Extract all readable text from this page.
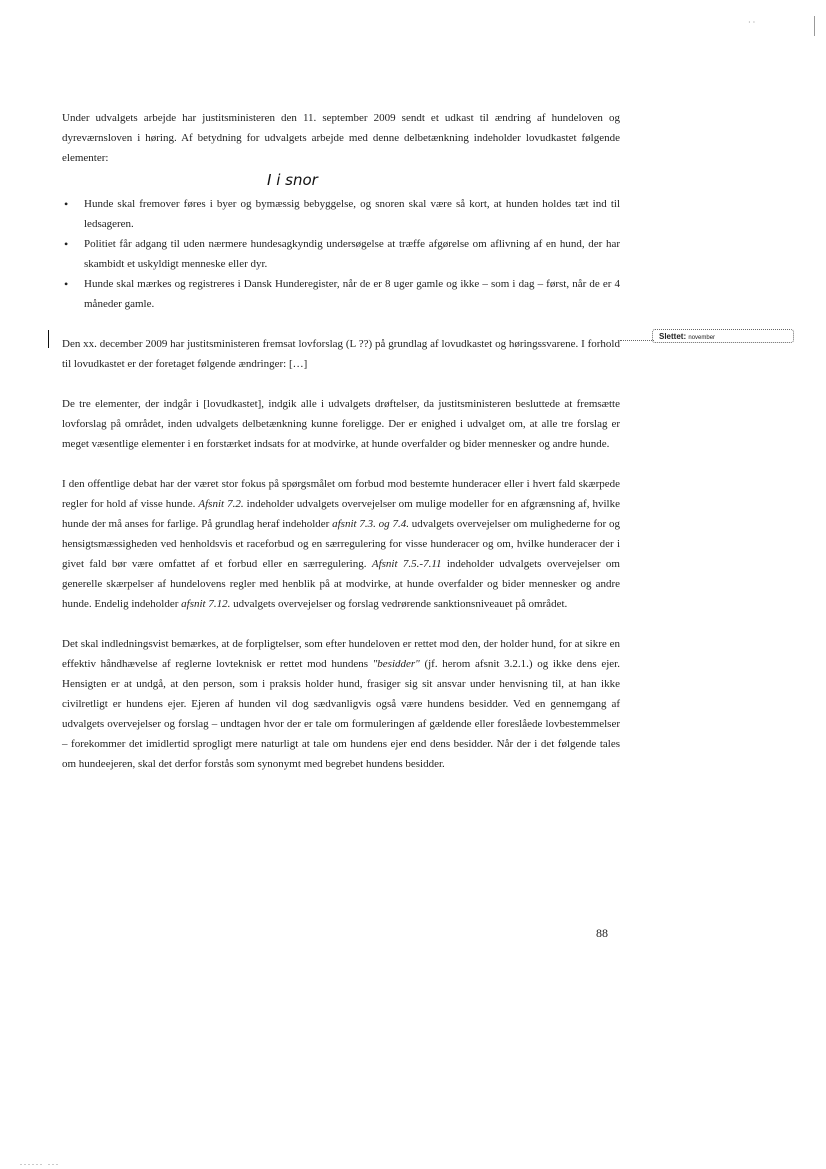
· ·
Slettet: november

Under udvalgets arbejde har justitsministeren den 11. september 2009 sendt et udkast til ændring af hundeloven og dyreværnsloven i høring. Af betydning for udvalgets arbejde med denne delbetænkning indeholder lovudkastet følgende elementer:

I i snor
• Hunde skal fremover føres i byer og bymæssig bebyggelse, og snoren skal være så kort, at hunden holdes tæt ind til ledsageren.
• Politiet får adgang til uden nærmere hundesagkyndig undersøgelse at træffe afgørelse om aflivning af en hund, der har skambidt et uskyldigt menneske eller dyr.
• Hunde skal mærkes og registreres i Dansk Hunderegister, når de er 8 uger gamle og ikke – som i dag – først, når de er 4 måneder gamle.

Den xx. december 2009 har justitsministeren fremsat lovforslag (L ??) på grundlag af lovudkastet og høringssvarene. I forhold til lovudkastet er der foretaget følgende ændringer: […]

De tre elementer, der indgår i [lovudkastet], indgik alle i udvalgets drøftelser, da justitsministeren besluttede at fremsætte lovforslag på området, inden udvalgets delbetænkning kunne foreligge. Der er enighed i udvalget om, at alle tre forslag er meget væsentlige elementer i en forstærket indsats for at modvirke, at hunde overfalder og bider mennesker og andre hunde.

I den offentlige debat har der været stor fokus på spørgsmålet om forbud mod bestemte hunderacer eller i hvert fald skærpede regler for hold af visse hunde. Afsnit 7.2. indeholder udvalgets overvejelser om mulige modeller for en afgrænsning af, hvilke hunde der må anses for farlige. På grundlag heraf indeholder afsnit 7.3. og 7.4. udvalgets overvejelser om mulighederne for og hensigtsmæssigheden ved henholdsvis et raceforbud og en særregulering for visse hunderacer og om, hvilke hunderacer der i givet fald bør være omfattet af et forbud eller en særregulering. Afsnit 7.5.-7.11 indeholder udvalgets overvejelser om generelle skærpelser af hundelovens regler med henblik på at modvirke, at hunde overfalder og bider mennesker og andre hunde. Endelig indeholder afsnit 7.12. udvalgets overvejelser og forslag vedrørende sanktionsniveauet på området.

Det skal indledningsvist bemærkes, at de forpligtelser, som efter hundeloven er rettet mod den, der holder hund, for at sikre en effektiv håndhævelse af reglerne lovteknisk er rettet mod hundens "besidder" (jf. herom afsnit 3.2.1.) og ikke dens ejer. Hensigten er at undgå, at den person, som i praksis holder hund, frasiger sig sit ansvar under henvisning til, at han ikke civilretligt er hundens ejer. Ejeren af hunden vil dog sædvanligvis også være hundens besidder. Ved en gennemgang af udvalgets overvejelser og forslag – undtagen hvor der er tale om formuleringen af gældende eller foreslåede lovbestemmelser – forekommer det imidlertid sprogligt mere naturligt at tale om hundens ejer end dens besidder. Når der i det følgende tales om hundeejeren, skal det derfor forstås som synonymt med begrebet hundens besidder.

88
...... ...
